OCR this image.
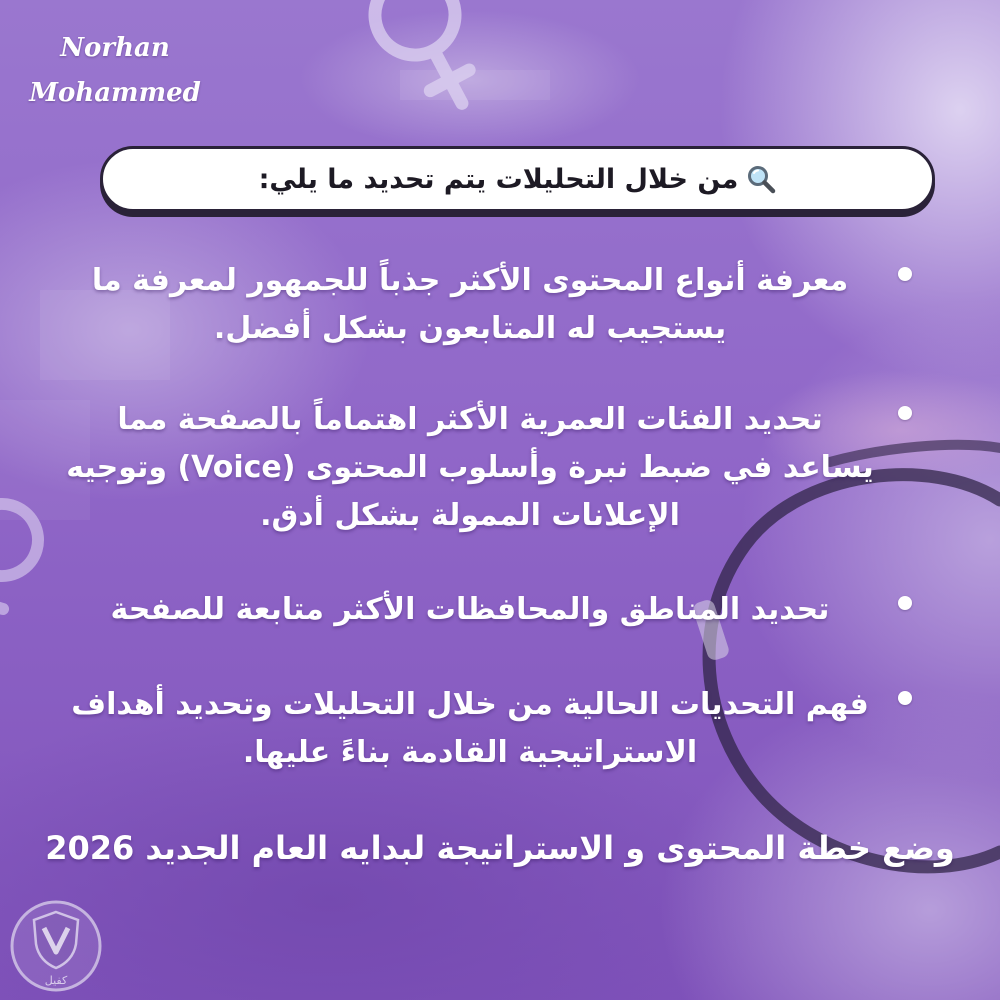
Norhan
Mohammed
من خلال التحليلات يتم تحديد ما يلي:
معرفة أنواع المحتوى الأكثر جذباً للجمهور لمعرفة ما
يستجيب له المتابعون بشكل أفضل.
تحديد الفئات العمرية الأكثر اهتماماً بالصفحة مما
يساعد في ضبط نبرة وأسلوب المحتوى (Voice) وتوجيه
الإعلانات الممولة بشكل أدق.
تحديد المناطق والمحافظات الأكثر متابعة للصفحة
فهم التحديات الحالية من خلال التحليلات وتحديد أهداف
الاستراتيجية القادمة بناءً عليها.
وضع خطة المحتوى و الاستراتيجة لبدايه العام الجديد 2026
كفيل
